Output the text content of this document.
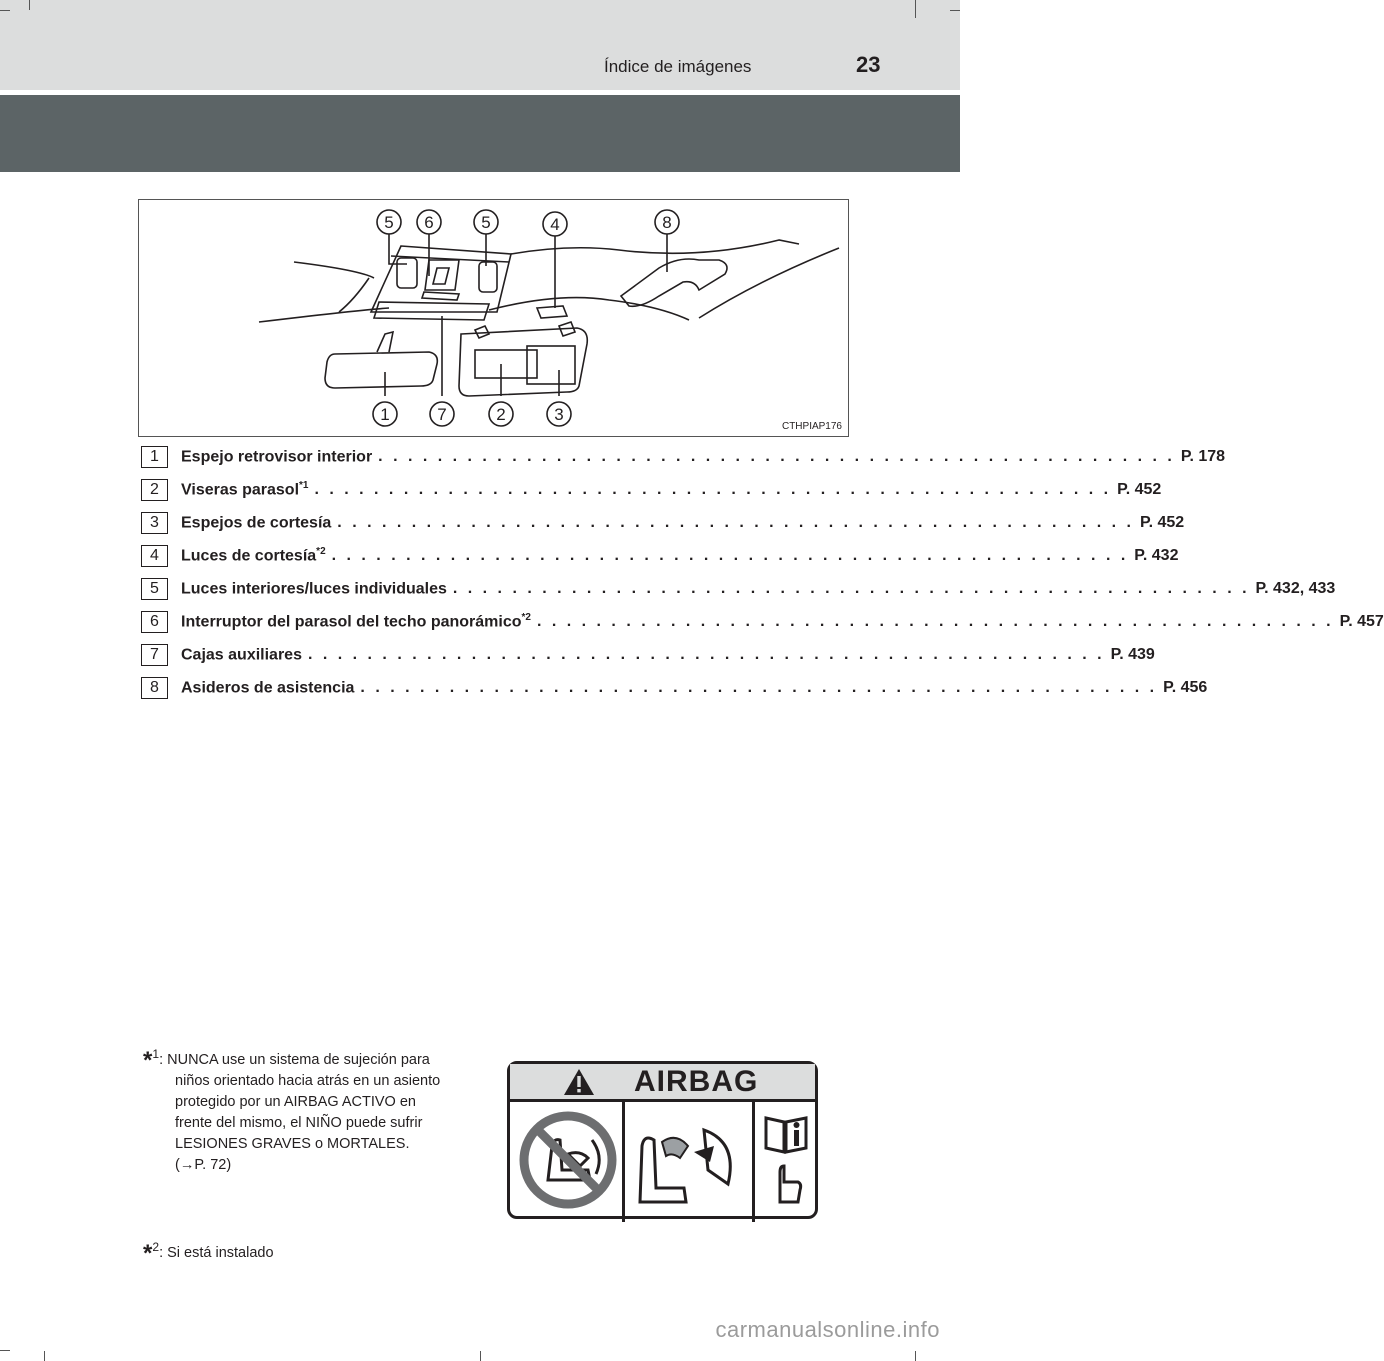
Índice de imágenes	23
5 6	5	4	8
1	7	2	3
CTHPIAP176
1	Espejo retrovisor interior . . . . . . . . . . . . . . . . . . . . . . . . . . . . . . . . . . . . . . . . . . . . . . . . . . . . . . P. 178
2	Viseras parasol$^{*1}$ . . . . . . . . . . . . . . . . . . . . . . . . . . . . . . . . . . . . . . . . . . . . . . . . . . . . . . P. 452
3	Espejos de cortesía . . . . . . . . . . . . . . . . . . . . . . . . . . . . . . . . . . . . . . . . . . . . . . . . . . . . . . P. 452
4	Luces de cortesía$^{*2}$ . . . . . . . . . . . . . . . . . . . . . . . . . . . . . . . . . . . . . . . . . . . . . . . . . . . . . . P. 432
5	Luces interiores/luces individuales . . . . . . . . . . . . . . . . . . . . . . . . . . . . . . . . . . . . . . . . . . . . . . . . . . . . . . P. 432, 433
6	Interruptor del parasol del techo panorámico$^{*2}$ . . . . . . . . . . . . . . . . . . . . . . . . . . . . . . . . . . . . . . . . . . . . . . . . . . . . . . P. 457
7	Cajas auxiliares . . . . . . . . . . . . . . . . . . . . . . . . . . . . . . . . . . . . . . . . . . . . . . . . . . . . . . P. 439
8	Asideros de asistencia . . . . . . . . . . . . . . . . . . . . . . . . . . . . . . . . . . . . . . . . . . . . . . . . . . . . . . P. 456
*$^1$: NUNCA use un sistema de sujeción para
niños orientado hacia atrás en un asiento
protegido por un AIRBAG ACTIVO en
frente del mismo, el NIÑO puede sufrir
LESIONES GRAVES o MORTALES.
(→P. 72)
*$^2$: Si está instalado
AIRBAG
carmanualsonline.info
